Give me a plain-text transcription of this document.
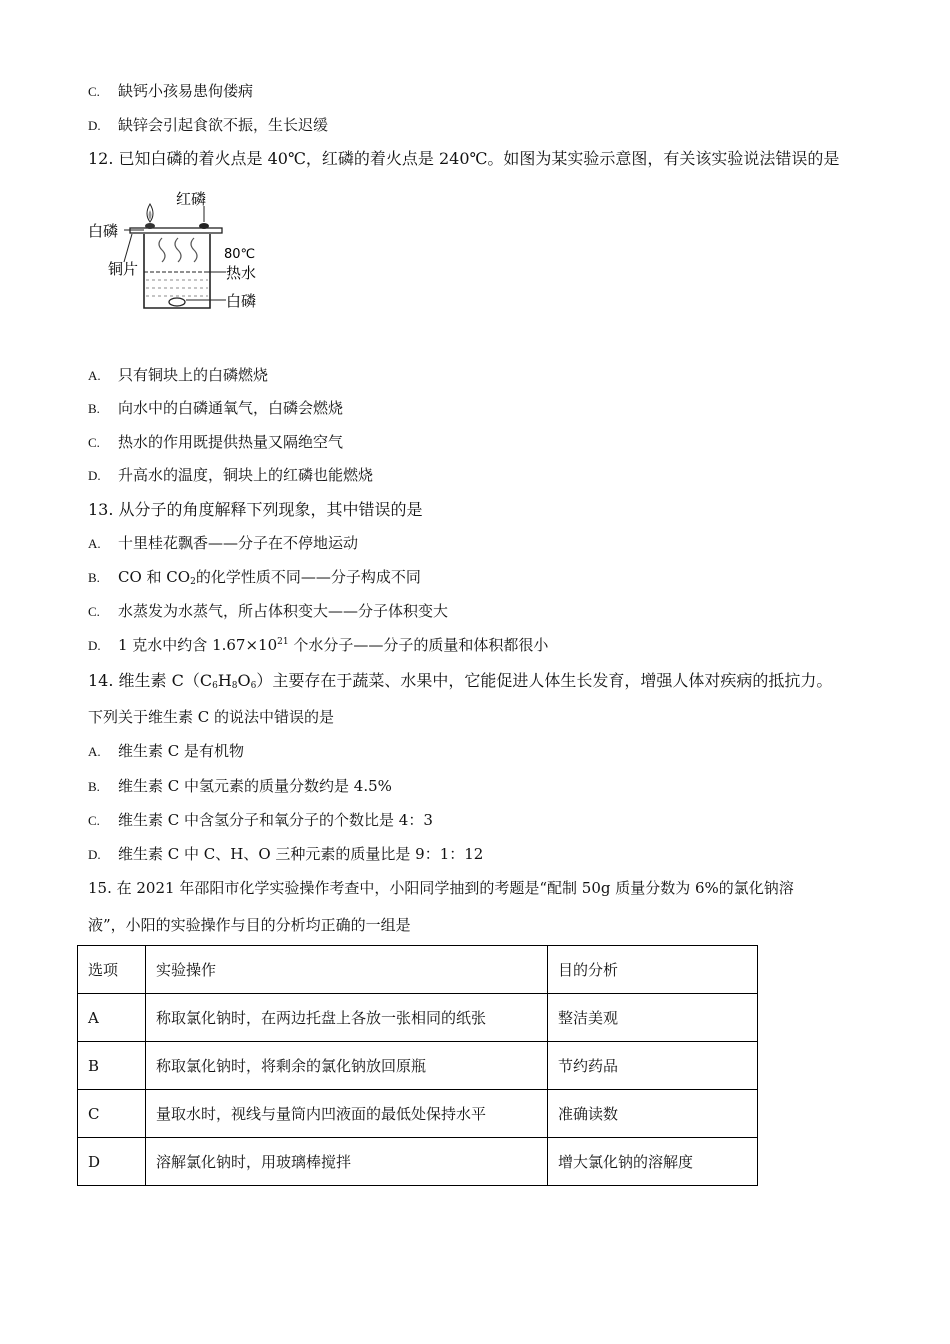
C. 缺钙小孩易患佝偻病
D. 缺锌会引起食欲不振，生长迟缓
12. 已知白磷的着火点是 40℃，红磷的着火点是 240℃。如图为某实验示意图，有关该实验说法错误的是
红磷
白磷
铜片
80℃
热水
白磷
A. 只有铜块上的白磷燃烧
B. 向水中的白磷通氧气，白磷会燃烧
C. 热水的作用既提供热量又隔绝空气
D. 升高水的温度，铜块上的红磷也能燃烧
13. 从分子的角度解释下列现象，其中错误的是
A. 十里桂花飘香——分子在不停地运动
B. CO 和 $CO_2$的化学性质不同——分子构成不同
C. 水蒸发为水蒸气，所占体积变大——分子体积变大
D. 1 克水中约含 $1.67\times 10^{21}$ 个水分子——分子的质量和体积都很小
14. 维生素 $C(C_6H_8O_6)$主要存在于蔬菜、水果中，它能促进人体生长发育，增强人体对疾病的抵抗力。
下列关于维生素 C 的说法中错误的是
A. 维生素 C 是有机物
B. 维生素 C 中氢元素的质量分数约是 4.5%
C. 维生素 C 中含氢分子和氧分子的个数比是 4：3
D. 维生素 C 中 C、H、O 三种元素的质量比是 9：1：12
15. 在 2021 年邵阳市化学实验操作考查中，小阳同学抽到的考题是“配制 50g 质量分数为 6%的氯化钠溶
液”，小阳的实验操作与目的分析均正确的一组是
选项	实验操作	目的分析
A	称取氯化钠时，在两边托盘上各放一张相同的纸张	整洁美观
B	称取氯化钠时，将剩余的氯化钠放回原瓶	节约药品
C	量取水时，视线与量筒内凹液面的最低处保持水平	准确读数
D	溶解氯化钠时，用玻璃棒搅拌	增大氯化钠的溶解度
